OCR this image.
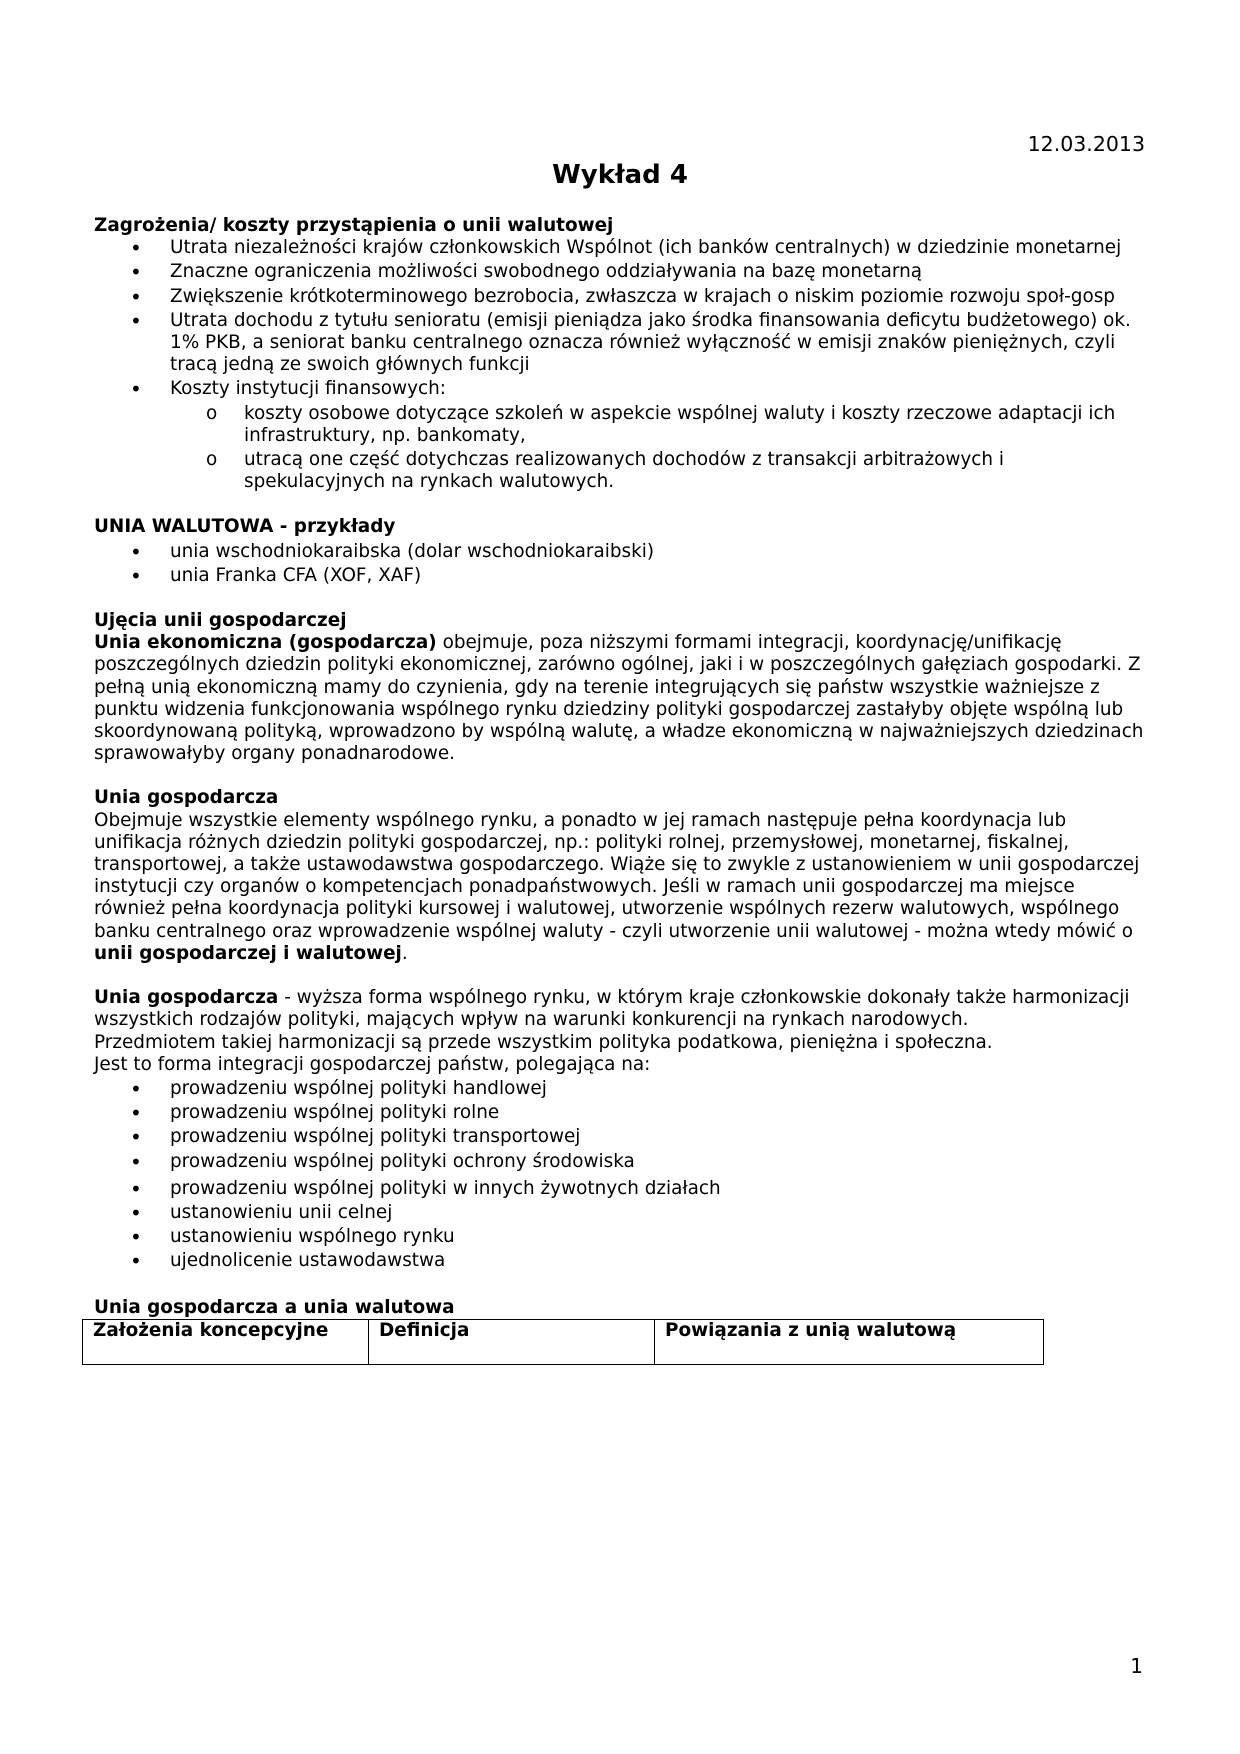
12.03.2013
Wykład 4

Zagrożenia/ koszty przystąpienia o unii walutowej

• Utrata niezależności krajów członkowskich Wspólnot (ich banków centralnych) w dziedzinie monetarnej
• Znaczne ograniczenia możliwości swobodnego oddziaływania na bazę monetarną
• Zwiększenie krótkoterminowego bezrobocia, zwłaszcza w krajach o niskim poziomie rozwoju społ-gosp
• Utrata dochodu z tytułu senioratu (emisji pieniądza jako środka finansowania deficytu budżetowego) ok. 1% PKB, a seniorat banku centralnego oznacza również wyłączność w emisji znaków pieniężnych, czyli tracą jedną ze swoich głównych funkcji
• Koszty instytucji finansowych:
o koszty osobowe dotyczące szkoleń w aspekcie wspólnej waluty i koszty rzeczowe adaptacji ich infrastruktury, np. bankomaty,
o utracą one część dotychczas realizowanych dochodów z transakcji arbitrażowych i spekulacyjnych na rynkach walutowych.

UNIA WALUTOWA - przykłady

• unia wschodniokaraibska (dolar wschodniokaraibski)
• unia Franka CFA (XOF, XAF)

Ujęcia unii gospodarczej

Unia ekonomiczna (gospodarcza) obejmuje, poza niższymi formami integracji, koordynację/unifikację poszczególnych dziedzin polityki ekonomicznej, zarówno ogólnej, jaki i w poszczególnych gałęziach gospodarki. Z pełną unią ekonomiczną mamy do czynienia, gdy na terenie integrujących się państw wszystkie ważniejsze z punktu widzenia funkcjonowania wspólnego rynku dziedziny polityki gospodarczej zastałyby objęte wspólną lub skoordynowaną polityką, wprowadzono by wspólną walutę, a władze ekonomiczną w najważniejszych dziedzinach sprawowałyby organy ponadnarodowe.

Unia gospodarcza

Obejmuje wszystkie elementy wspólnego rynku, a ponadto w jej ramach następuje pełna koordynacja lub unifikacja różnych dziedzin polityki gospodarczej, np.: polityki rolnej, przemysłowej, monetarnej, fiskalnej, transportowej, a także ustawodawstwa gospodarczego. Wiąże się to zwykle z ustanowieniem w unii gospodarczej instytucji czy organów o kompetencjach ponadpaństwowych. Jeśli w ramach unii gospodarczej ma miejsce również pełna koordynacja polityki kursowej i walutowej, utworzenie wspólnych rezerw walutowych, wspólnego banku centralnego oraz wprowadzenie wspólnej waluty - czyli utworzenie unii walutowej - można wtedy mówić o unii gospodarczej i walutowej.

Unia gospodarcza - wyższa forma wspólnego rynku, w którym kraje członkowskie dokonały także harmonizacji wszystkich rodzajów polityki, mających wpływ na warunki konkurencji na rynkach narodowych.

Przedmiotem takiej harmonizacji są przede wszystkim polityka podatkowa, pieniężna i społeczna.

Jest to forma integracji gospodarczej państw, polegająca na:

• prowadzeniu wspólnej polityki handlowej
• prowadzeniu wspólnej polityki rolne
• prowadzeniu wspólnej polityki transportowej
• prowadzeniu wspólnej polityki ochrony środowiska
• prowadzeniu wspólnej polityki w innych żywotnych działach
• ustanowieniu unii celnej
• ustanowieniu wspólnego rynku
• ujednolicenie ustawodawstwa

Unia gospodarcza a unia walutowa

Założenia koncepcyjne	Definicja	Powiązania z unią walutową
1
